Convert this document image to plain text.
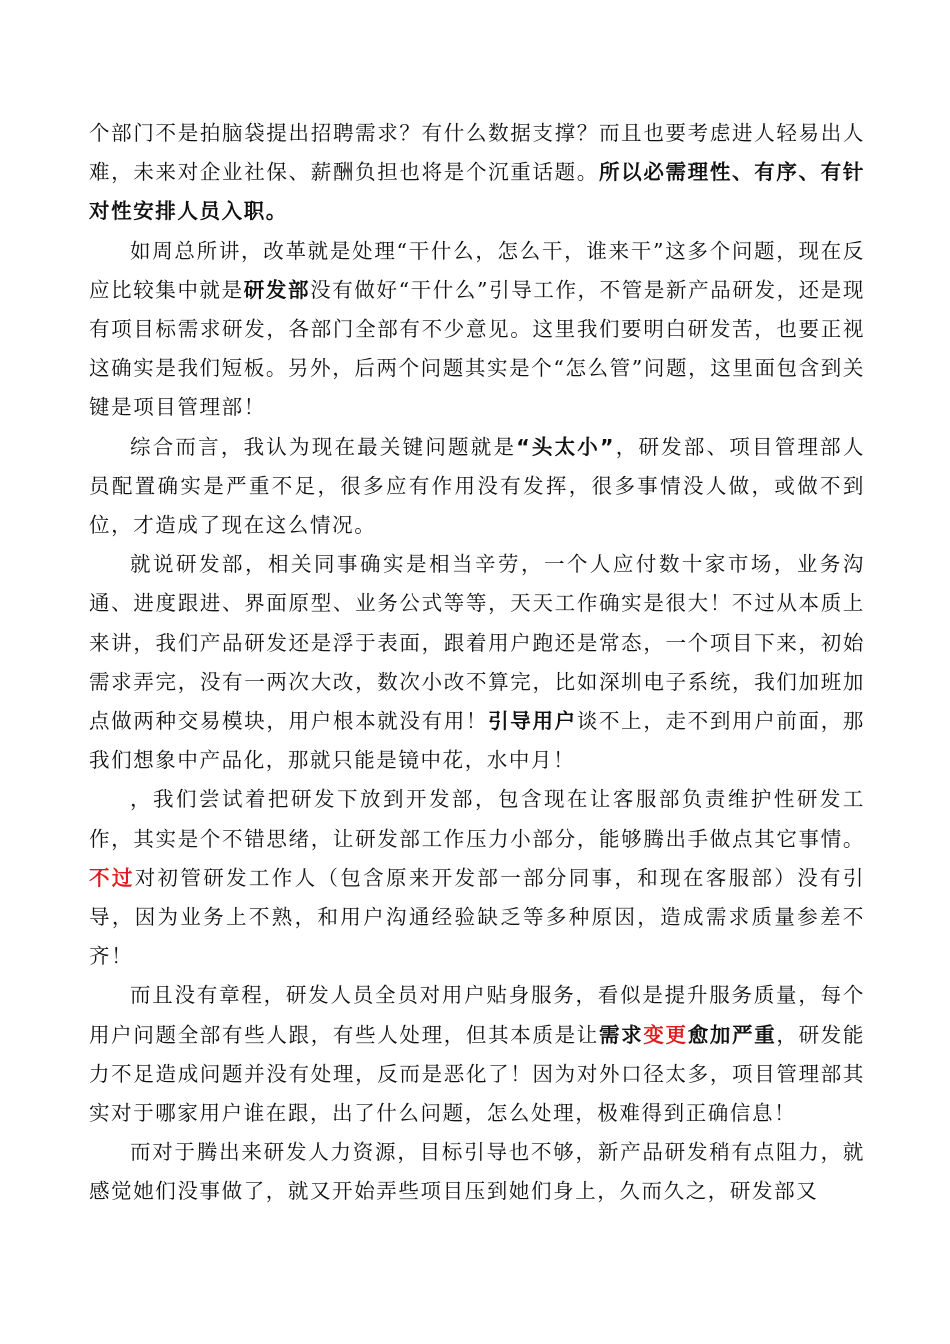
个部门不是拍脑袋提出招聘需求？有什么数据支撑？而且也要考虑进人轻易出人难，未来对企业社保、薪酬负担也将是个沉重话题。所以必需理性、有序、有针对性安排人员入职。

如周总所讲，改革就是处理“干什么，怎么干，谁来干”这多个问题，现在反应比较集中就是研发部没有做好“干什么”引导工作，不管是新产品研发，还是现有项目标需求研发，各部门全部有不少意见。这里我们要明白研发苦，也要正视这确实是我们短板。另外，后两个问题其实是个“怎么管”问题，这里面包含到关键是项目管理部！

综合而言，我认为现在最关键问题就是“头太小”，研发部、项目管理部人员配置确实是严重不足，很多应有作用没有发挥，很多事情没人做，或做不到位，才造成了现在这么情况。

就说研发部，相关同事确实是相当辛劳，一个人应付数十家市场，业务沟通、进度跟进、界面原型、业务公式等等，天天工作确实是很大！不过从本质上来讲，我们产品研发还是浮于表面，跟着用户跑还是常态，一个项目下来，初始需求弄完，没有一两次大改，数次小改不算完，比如深圳电子系统，我们加班加点做两种交易模块，用户根本就没有用！引导用户谈不上，走不到用户前面，那我们想象中产品化，那就只能是镜中花，水中月！

，我们尝试着把研发下放到开发部，包含现在让客服部负责维护性研发工作，其实是个不错思绪，让研发部工作压力小部分，能够腾出手做点其它事情。不过对初管研发工作人（包含原来开发部一部分同事，和现在客服部）没有引导，因为业务上不熟，和用户沟通经验缺乏等多种原因，造成需求质量参差不齐！

而且没有章程，研发人员全员对用户贴身服务，看似是提升服务质量，每个用户问题全部有些人跟，有些人处理，但其本质是让需求变更愈加严重，研发能力不足造成问题并没有处理，反而是恶化了！因为对外口径太多，项目管理部其实对于哪家用户谁在跟，出了什么问题，怎么处理，极难得到正确信息！

而对于腾出来研发人力资源，目标引导也不够，新产品研发稍有点阻力，就感觉她们没事做了，就又开始弄些项目压到她们身上，久而久之，研发部又
